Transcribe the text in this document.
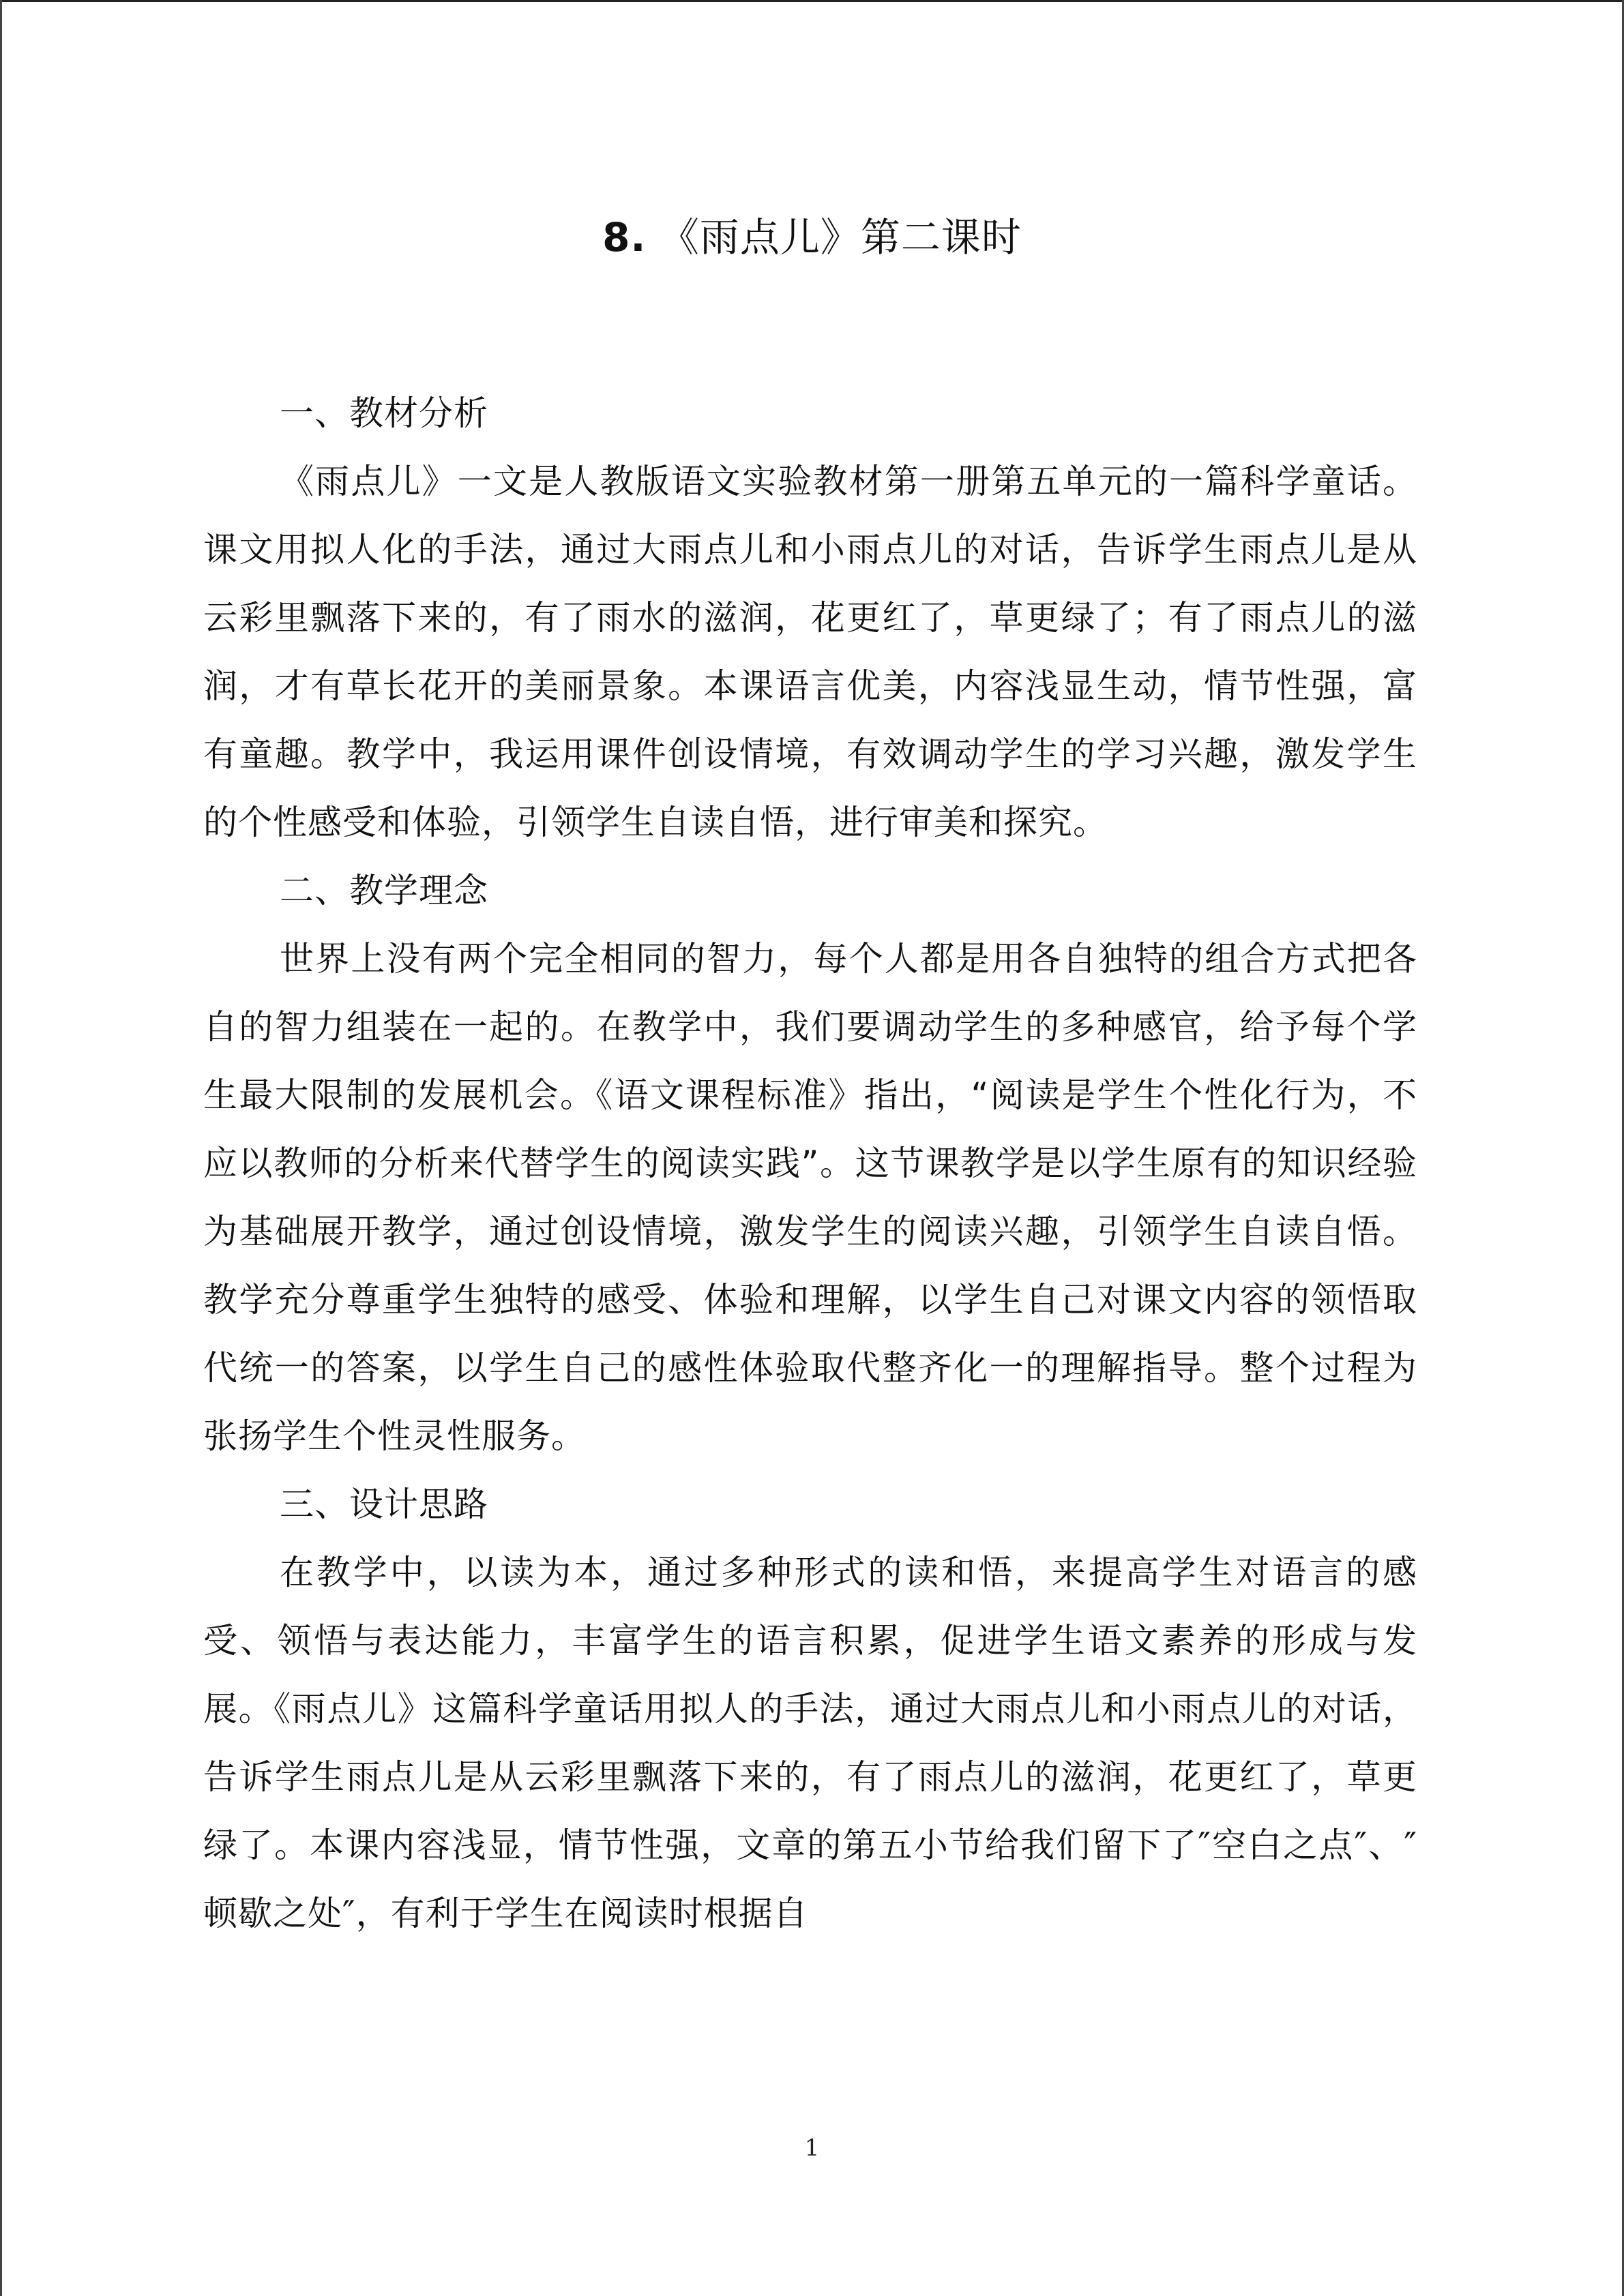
8. 《雨点儿》第二课时

一、教材分析

《雨点儿》一文是人教版语文实验教材第一册第五单元的一篇科学童话。课文用拟人化的手法，通过大雨点儿和小雨点儿的对话，告诉学生雨点儿是从云彩里飘落下来的，有了雨水的滋润，花更红了，草更绿了；有了雨点儿的滋润，才有草长花开的美丽景象。本课语言优美，内容浅显生动，情节性强，富有童趣。教学中，我运用课件创设情境，有效调动学生的学习兴趣，激发学生的个性感受和体验，引领学生自读自悟，进行审美和探究。

二、教学理念

世界上没有两个完全相同的智力，每个人都是用各自独特的组合方式把各自的智力组装在一起的。在教学中，我们要调动学生的多种感官，给予每个学生最大限制的发展机会。《语文课程标准》指出，“阅读是学生个性化行为，不应以教师的分析来代替学生的阅读实践”。这节课教学是以学生原有的知识经验为基础展开教学，通过创设情境，激发学生的阅读兴趣，引领学生自读自悟。教学充分尊重学生独特的感受、体验和理解，以学生自己对课文内容的领悟取代统一的答案，以学生自己的感性体验取代整齐化一的理解指导。整个过程为张扬学生个性灵性服务。

三、设计思路

在教学中，以读为本，通过多种形式的读和悟，来提高学生对语言的感受、领悟与表达能力，丰富学生的语言积累，促进学生语文素养的形成与发展。《雨点儿》这篇科学童话用拟人的手法，通过大雨点儿和小雨点儿的对话，告诉学生雨点儿是从云彩里飘落下来的，有了雨点儿的滋润，花更红了，草更绿了。本课内容浅显，情节性强，文章的第五小节给我们留下了″空白之点″、″顿歇之处″，有利于学生在阅读时根据自

1
